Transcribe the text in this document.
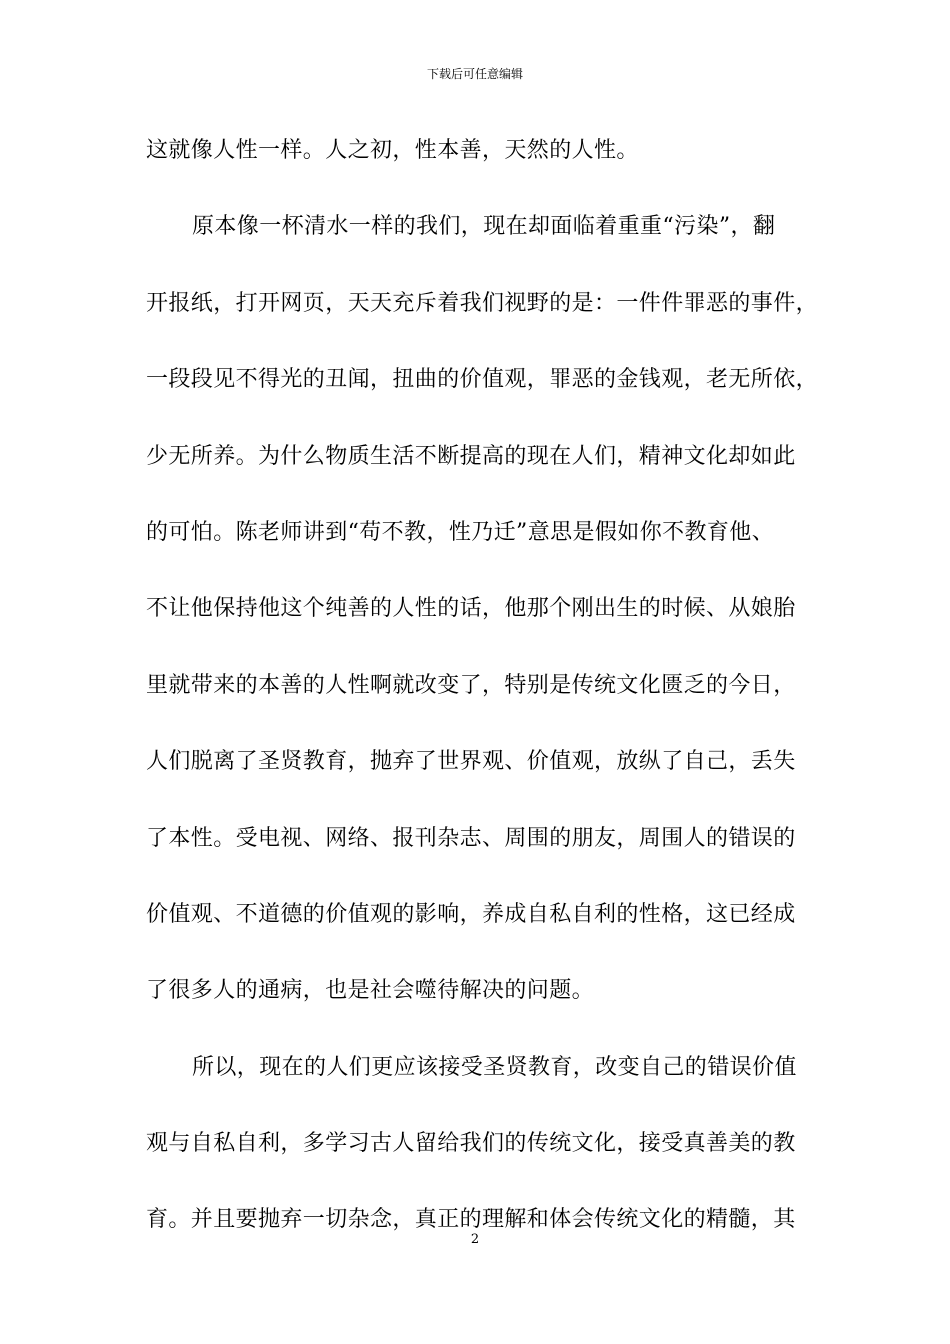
下载后可任意编辑
这就像人性一样。人之初，性本善，天然的人性。
原本像一杯清水一样的我们，现在却面临着重重“污染”，翻
开报纸，打开网页，天天充斥着我们视野的是：一件件罪恶的事件，
一段段见不得光的丑闻，扭曲的价值观，罪恶的金钱观，老无所依，
少无所养。为什么物质生活不断提高的现在人们，精神文化却如此
的可怕。陈老师讲到“苟不教，性乃迁”意思是假如你不教育他、
不让他保持他这个纯善的人性的话，他那个刚出生的时候、从娘胎
里就带来的本善的人性啊就改变了，特别是传统文化匮乏的今日，
人们脱离了圣贤教育，抛弃了世界观、价值观，放纵了自己，丢失
了本性。受电视、网络、报刊杂志、周围的朋友，周围人的错误的
价值观、不道德的价值观的影响，养成自私自利的性格，这已经成
了很多人的通病，也是社会噬待解决的问题。
所以，现在的人们更应该接受圣贤教育，改变自己的错误价值
观与自私自利，多学习古人留给我们的传统文化，接受真善美的教
育。并且要抛弃一切杂念，真正的理解和体会传统文化的精髓，其
2
